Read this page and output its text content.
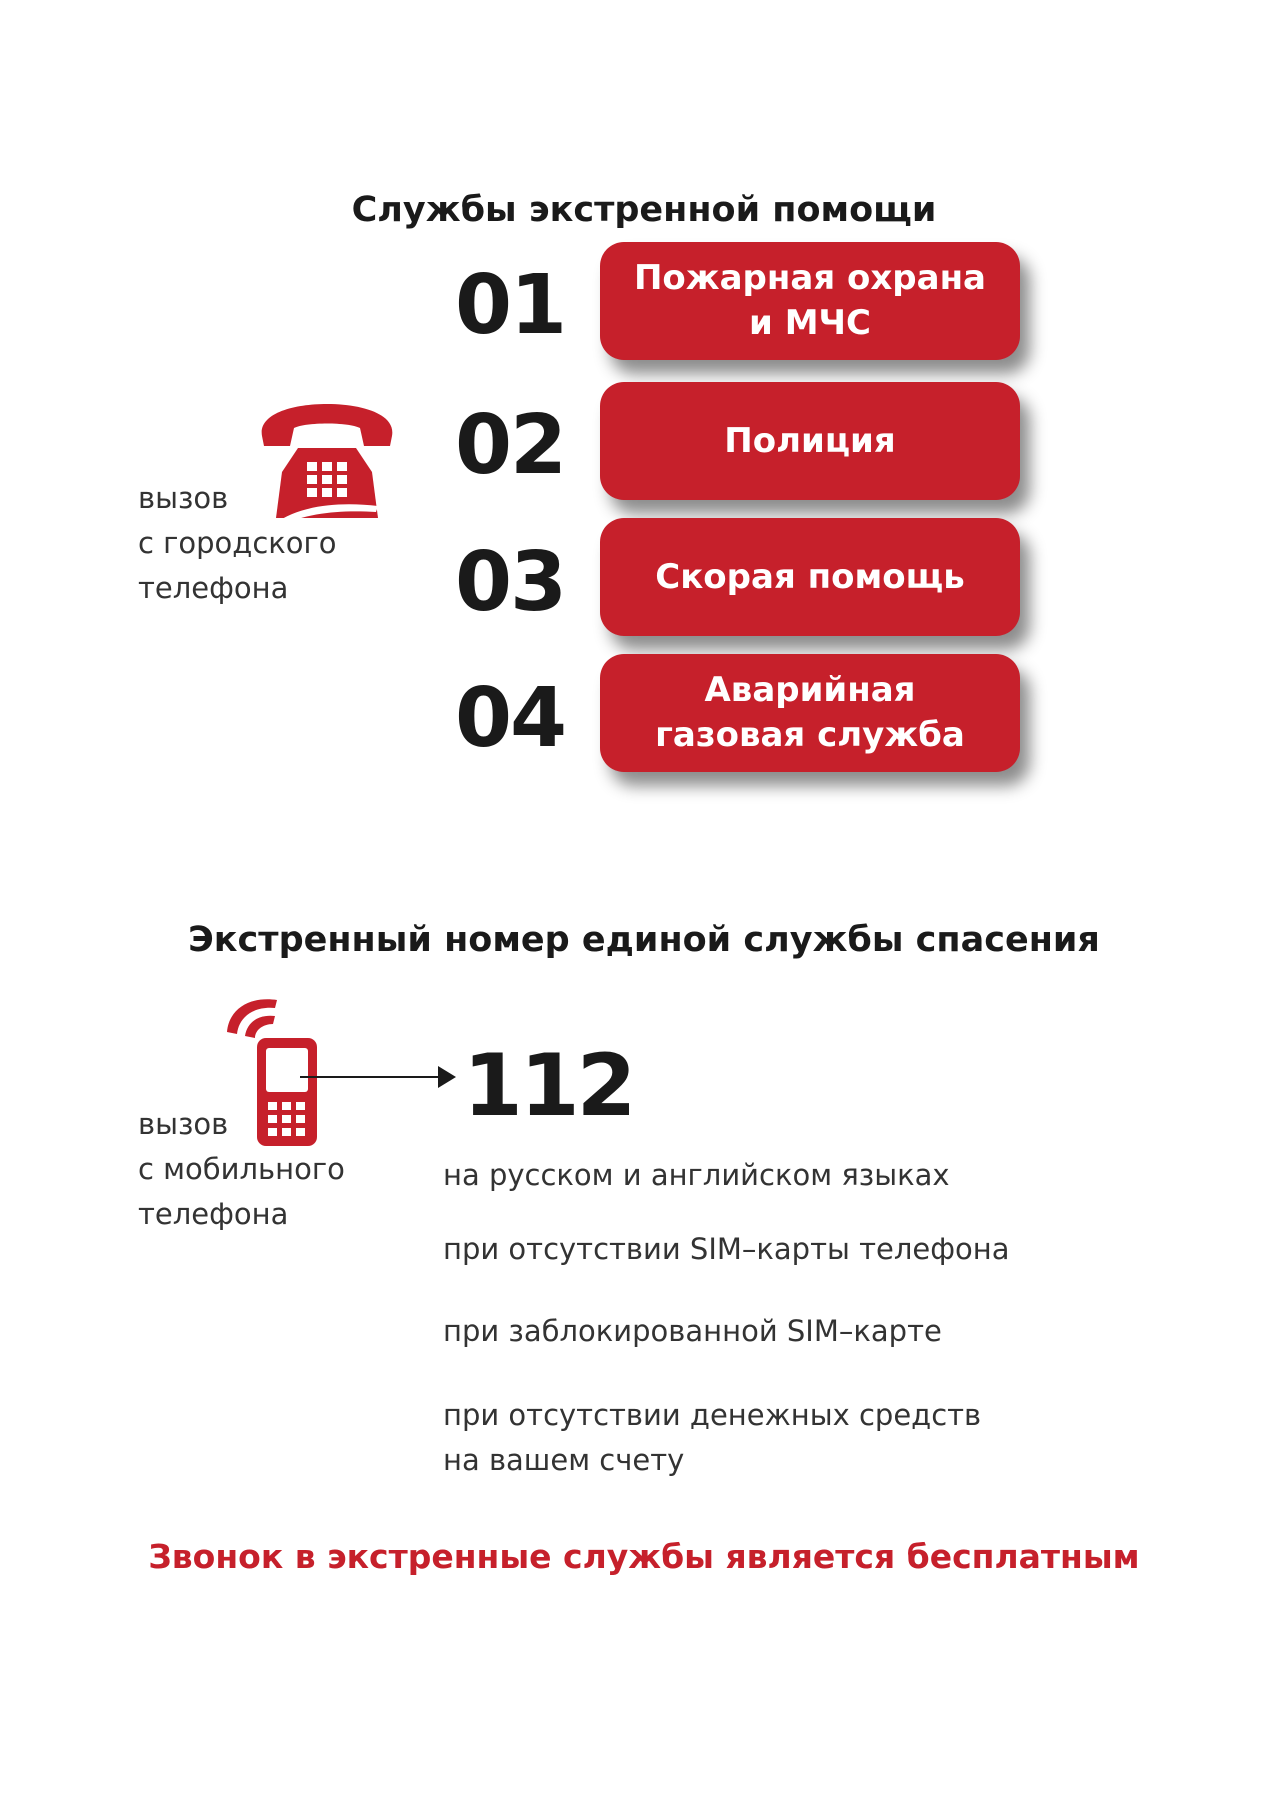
Службы экстренной помощи
вызов
с городского
телефона
01 Пожарная охрана
и МЧС
02	Полиция
03	Скорая помощь
04	Аварийная
газовая служба
Экстренный номер единой службы спасения
112
вызов
с мобильного
телефона
на русском и английском языках
при отсутствии SIM–карты телефона
при заблокированной SIM–карте
при отсутствии денежных средств
на вашем счету
Звонок в экстренные службы является бесплатным
